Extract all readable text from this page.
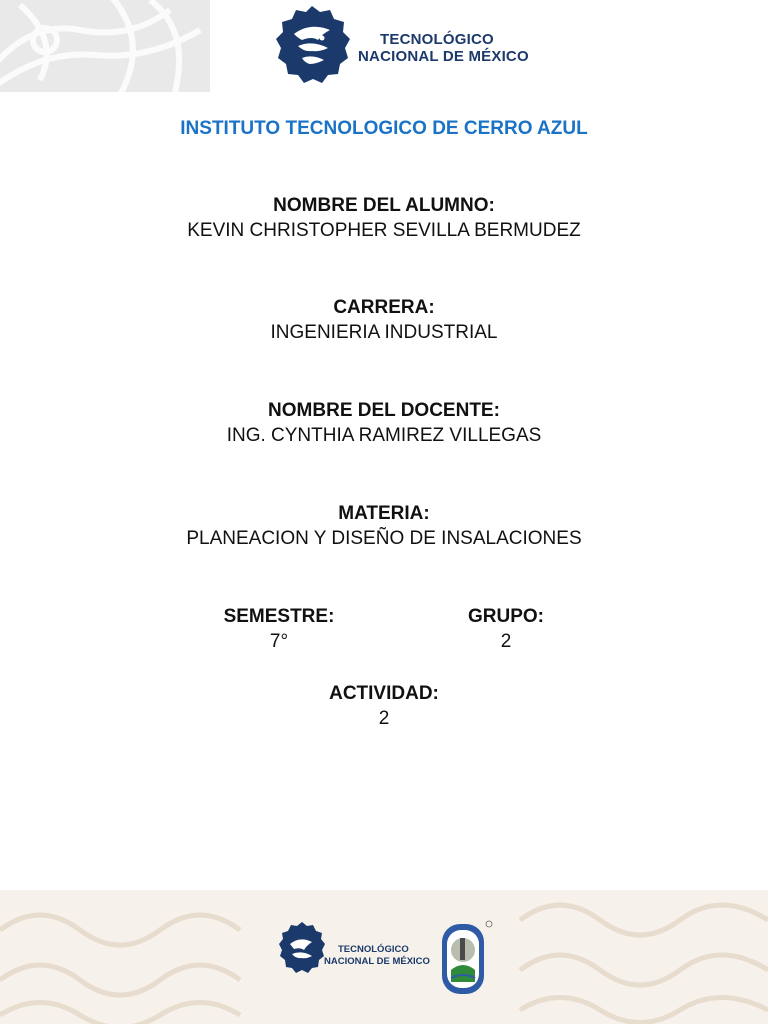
TECNOLÓGICO
NACIONAL DE MÉXICO
INSTITUTO TECNOLOGICO DE CERRO AZUL
NOMBRE DEL ALUMNO:
KEVIN CHRISTOPHER SEVILLA BERMUDEZ
CARRERA:
INGENIERIA INDUSTRIAL
NOMBRE DEL DOCENTE:
ING. CYNTHIA RAMIREZ VILLEGAS
MATERIA:
PLANEACION Y DISEÑO DE INSALACIONES
SEMESTRE:
7°
GRUPO:
2
ACTIVIDAD:
2
TECNOLÓGICO
NACIONAL DE MÉXICO
